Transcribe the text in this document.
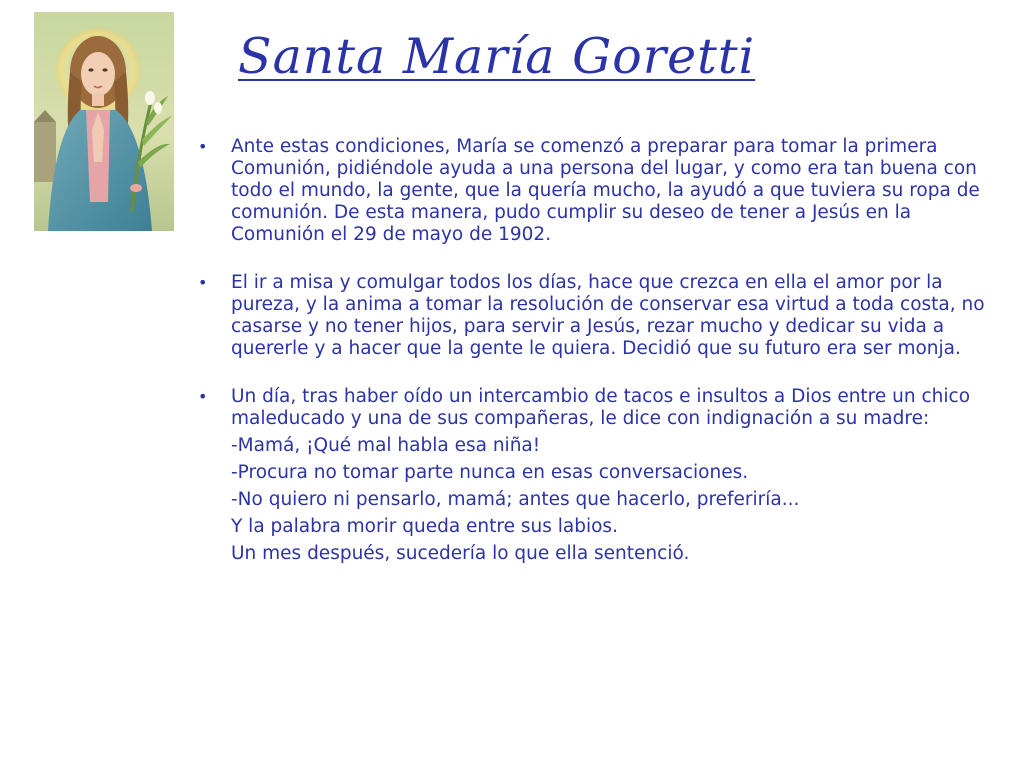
Santa María Goretti
• Ante estas condiciones, María se comenzó a preparar para tomar la primera Comunión, pidiéndole ayuda a una persona del lugar, y como era tan buena con todo el mundo, la gente, que la quería mucho, la ayudó a que tuviera su ropa de comunión. De esta manera, pudo cumplir su deseo de tener a Jesús en la Comunión el 29 de mayo de 1902.
• El ir a misa y comulgar todos los días, hace que crezca en ella el amor por la pureza, y la anima a tomar la resolución de conservar esa virtud a toda costa, no casarse y no tener hijos, para servir a Jesús, rezar mucho y dedicar su vida a quererle y a hacer que la gente le quiera. Decidió que su futuro era ser monja.
• Un día, tras haber oído un intercambio de tacos e insultos a Dios entre un chico maleducado y una de sus compañeras, le dice con indignación a su madre:

-Mamá, ¡Qué mal habla esa niña!

-Procura no tomar parte nunca en esas conversaciones.

-No quiero ni pensarlo, mamá; antes que hacerlo, preferiría...

Y la palabra morir queda entre sus labios.

Un mes después, sucedería lo que ella sentenció.
